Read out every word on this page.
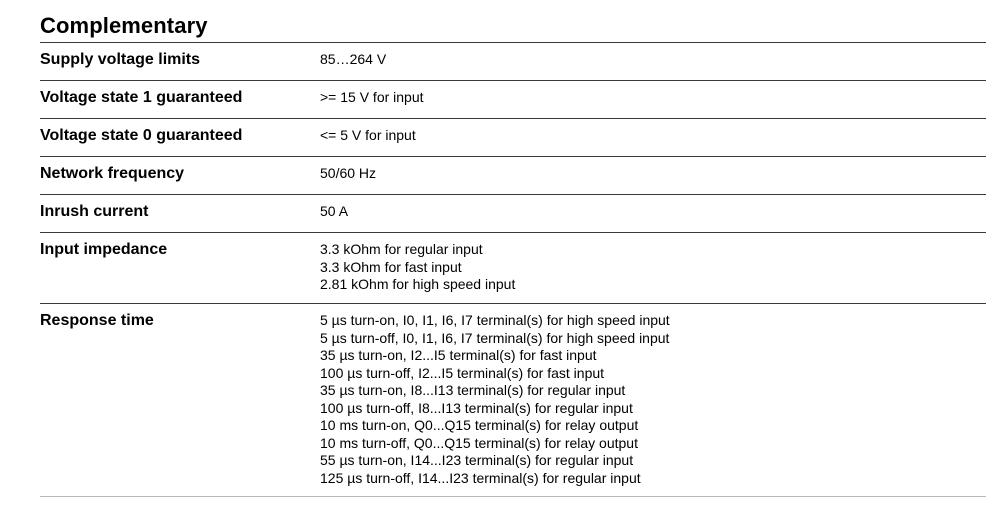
Complementary
Supply voltage limits	85…264 V
Voltage state 1 guaranteed	>= 15 V for input
Voltage state 0 guaranteed	<= 5 V for input
Network frequency	50/60 Hz
Inrush current	50 A
Input impedance	3.3 kOhm for regular input
3.3 kOhm for fast input
2.81 kOhm for high speed input
Response time	5 µs turn-on, I0, I1, I6, I7 terminal(s) for high speed input
5 µs turn-off, I0, I1, I6, I7 terminal(s) for high speed input
35 µs turn-on, I2...I5 terminal(s) for fast input
100 µs turn-off, I2...I5 terminal(s) for fast input
35 µs turn-on, I8...I13 terminal(s) for regular input
100 µs turn-off, I8...I13 terminal(s) for regular input
10 ms turn-on, Q0...Q15 terminal(s) for relay output
10 ms turn-off, Q0...Q15 terminal(s) for relay output
55 µs turn-on, I14...I23 terminal(s) for regular input
125 µs turn-off, I14...I23 terminal(s) for regular input
